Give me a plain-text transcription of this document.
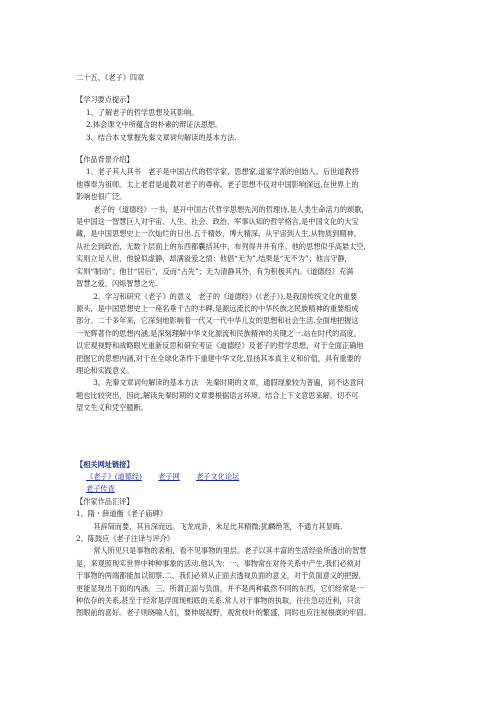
二十五、《老子》四章

【学习要点提示】

1、了解老子的哲学思想及其影响。

2.体会课文中所蕴含的朴素的辩证法思想。

3、结合本文掌握先秦文章词句解读的基本方法.

【作品背景介绍】

1、老子其人其书　老子是中国古代的哲学家、思想家,道家学派的创始人。后世道教将

他尊奉为祖师。太上老君是道教对老子的尊称。老子思想不仅对中国影响深远,在世界上的

影响也很广泛。

　老子的《道德经》一书，是开中国古代哲学思想先河的哲理诗,是人类生命活力的颂歌,

是中国这一智慧巨人对宇宙、人生、社会、政治、军事认知的哲学格言,是中国文化的大宝

藏，是中国思想史上一次灿烂的日出.五千精妙，博大精深，从宇宙到人生,从物质到精神，

从社会到政治，无数个层面上的东西都囊括其中，布列得井井有序。他的思想似乎高悬太空,

实则立足人世，他貌似虚静，却满溢爱之情：他倡“无为”,结果是“无不为”；他言守静，

实则“制动”；他甘“居后”，反而“占先”；无为清静其外，有为积极其内。《道德经》充满

智慧之爱，闪烁智慧之光.

　2、学习和研究《老子》的意义　老子的《道德经》(《老子》),是我国传统文化的重要

源头，是中国思想史上一座名垂千古的丰碑,是源远流长的中华民族之民族精神的重要组成

部分。二千多年来，它深刻地影响着一代又一代中华儿女的思想和社会生活.全面地把握这

一光辉著作的思想内涵,是深刻理解中华文化源流和民族精神的关键之一.站在时代的高度，

以宏观视野和战略眼光重新反思和研究考证《道德经》及老子的哲学思想，对于全面正确地

把握它的思想内涵,对于在全球化条件下重建中华文化,显扬其本真主义和价值，具有重要的

理论和实践意义。

　3、先秦文章词句解读的基本方法　先秦时期的文章，通假现象较为普遍，词不达意问

题也比较突出，因此,解读先秦时期的文章要根据语言环境、结合上下文意思来解，切不可

望文生义和凭空臆断。

【相关网址链接】

《老子》(道德经) 老子网 老子文化论坛

老子传查

【作家作品汇评】

1。隋・薛道衡《老子庙碑》

　其辞简而要，其旨深而远。飞龙成卦，未足比其精微;犹麟绝笔，不通方其显晦.

2。陈鼓应《老子注译与评介》

　常人所见只是事物的表相，看不见事物的里层。老子以其丰富的生活经验所透出的智慧

是，来观照现实世界中种种事象的活动.他认为：一、事物常在对待关系中产生,我们必须对

于事物的两端都能加以彻察.二、我们必须从正面去透视负面的意义，对于负面意义的把握,

更能显现出下面的内涵。三、所谓正面与负面，并不是两种截然不同的东西，它们经常是一

种依存的关系,甚至于经常是浮面现相底的关系.常人对于事物的执取，往往急功近利，只贪

图眼前的喜好。老子则晓喻人们，要伸展视野，观赏枝叶的繁盛，同时也应注视根底的牢固。
